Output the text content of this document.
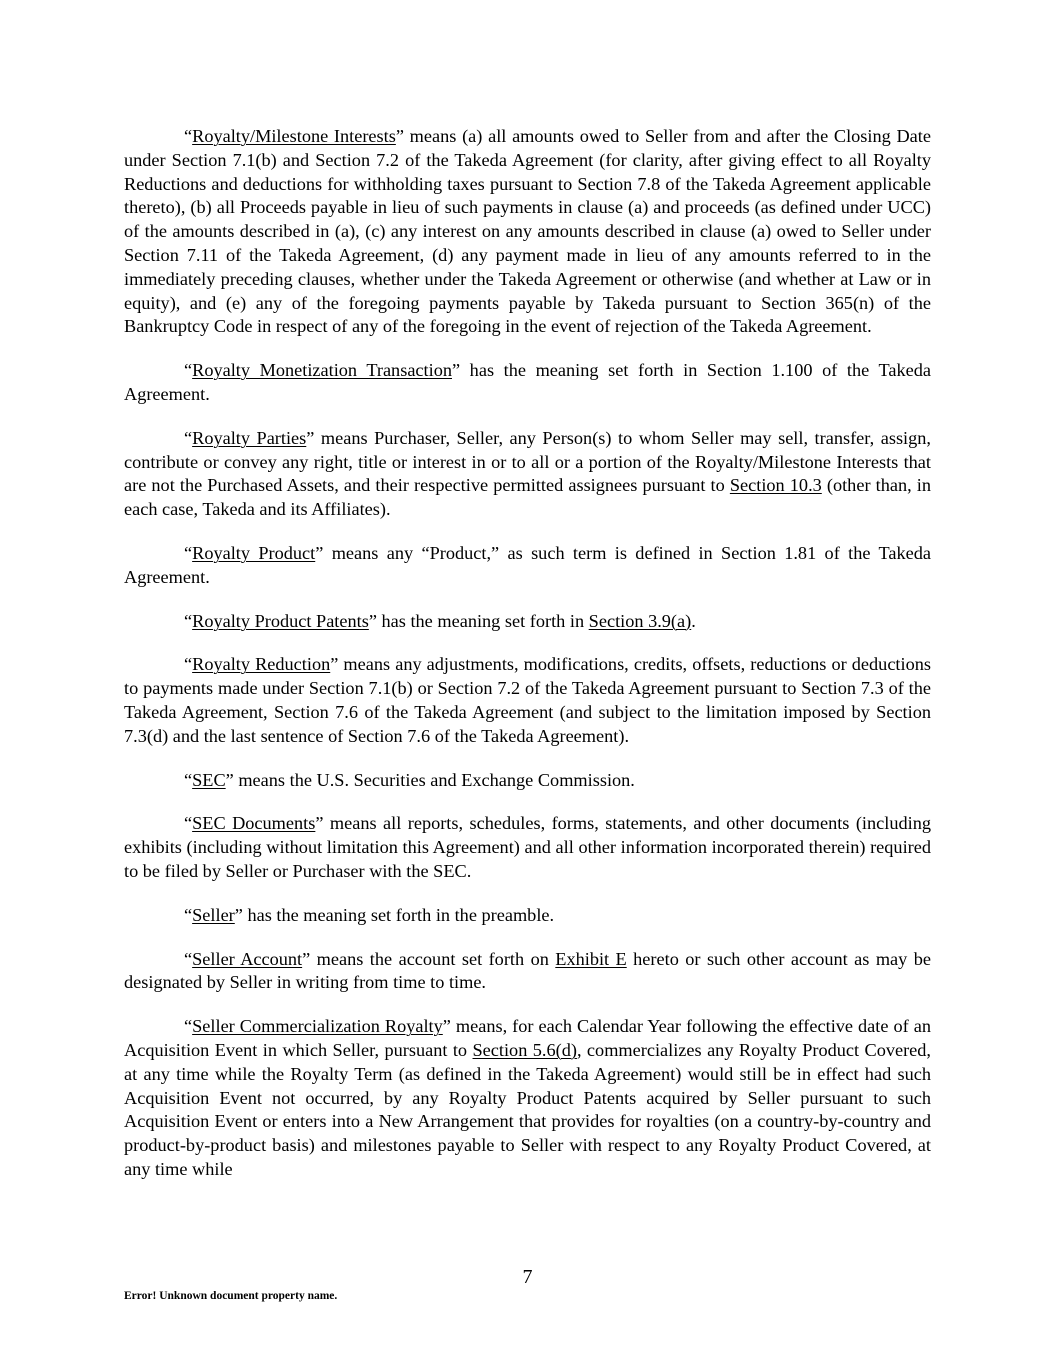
“Royalty/Milestone Interests” means (a) all amounts owed to Seller from and after the Closing Date under Section 7.1(b) and Section 7.2 of the Takeda Agreement (for clarity, after giving effect to all Royalty Reductions and deductions for withholding taxes pursuant to Section 7.8 of the Takeda Agreement applicable thereto), (b) all Proceeds payable in lieu of such payments in clause (a) and proceeds (as defined under UCC) of the amounts described in (a), (c) any interest on any amounts described in clause (a) owed to Seller under Section 7.11 of the Takeda Agreement, (d) any payment made in lieu of any amounts referred to in the immediately preceding clauses, whether under the Takeda Agreement or otherwise (and whether at Law or in equity), and (e) any of the foregoing payments payable by Takeda pursuant to Section 365(n) of the Bankruptcy Code in respect of any of the foregoing in the event of rejection of the Takeda Agreement.

“Royalty Monetization Transaction” has the meaning set forth in Section 1.100 of the Takeda Agreement.

“Royalty Parties” means Purchaser, Seller, any Person(s) to whom Seller may sell, transfer, assign, contribute or convey any right, title or interest in or to all or a portion of the Royalty/Milestone Interests that are not the Purchased Assets, and their respective permitted assignees pursuant to Section 10.3 (other than, in each case, Takeda and its Affiliates).

“Royalty Product” means any “Product,” as such term is defined in Section 1.81 of the Takeda Agreement.

“Royalty Product Patents” has the meaning set forth in Section 3.9(a).

“Royalty Reduction” means any adjustments, modifications, credits, offsets, reductions or deductions to payments made under Section 7.1(b) or Section 7.2 of the Takeda Agreement pursuant to Section 7.3 of the Takeda Agreement, Section 7.6 of the Takeda Agreement (and subject to the limitation imposed by Section 7.3(d) and the last sentence of Section 7.6 of the Takeda Agreement).

“SEC” means the U.S. Securities and Exchange Commission.

“SEC Documents” means all reports, schedules, forms, statements, and other documents (including exhibits (including without limitation this Agreement) and all other information incorporated therein) required to be filed by Seller or Purchaser with the SEC.

“Seller” has the meaning set forth in the preamble.

“Seller Account” means the account set forth on Exhibit E hereto or such other account as may be designated by Seller in writing from time to time.

“Seller Commercialization Royalty” means, for each Calendar Year following the effective date of an Acquisition Event in which Seller, pursuant to Section 5.6(d), commercializes any Royalty Product Covered, at any time while the Royalty Term (as defined in the Takeda Agreement) would still be in effect had such Acquisition Event not occurred, by any Royalty Product Patents acquired by Seller pursuant to such Acquisition Event or enters into a New Arrangement that provides for royalties (on a country-by-country and product-by-product basis) and milestones payable to Seller with respect to any Royalty Product Covered, at any time while

7
Error! Unknown document property name.
